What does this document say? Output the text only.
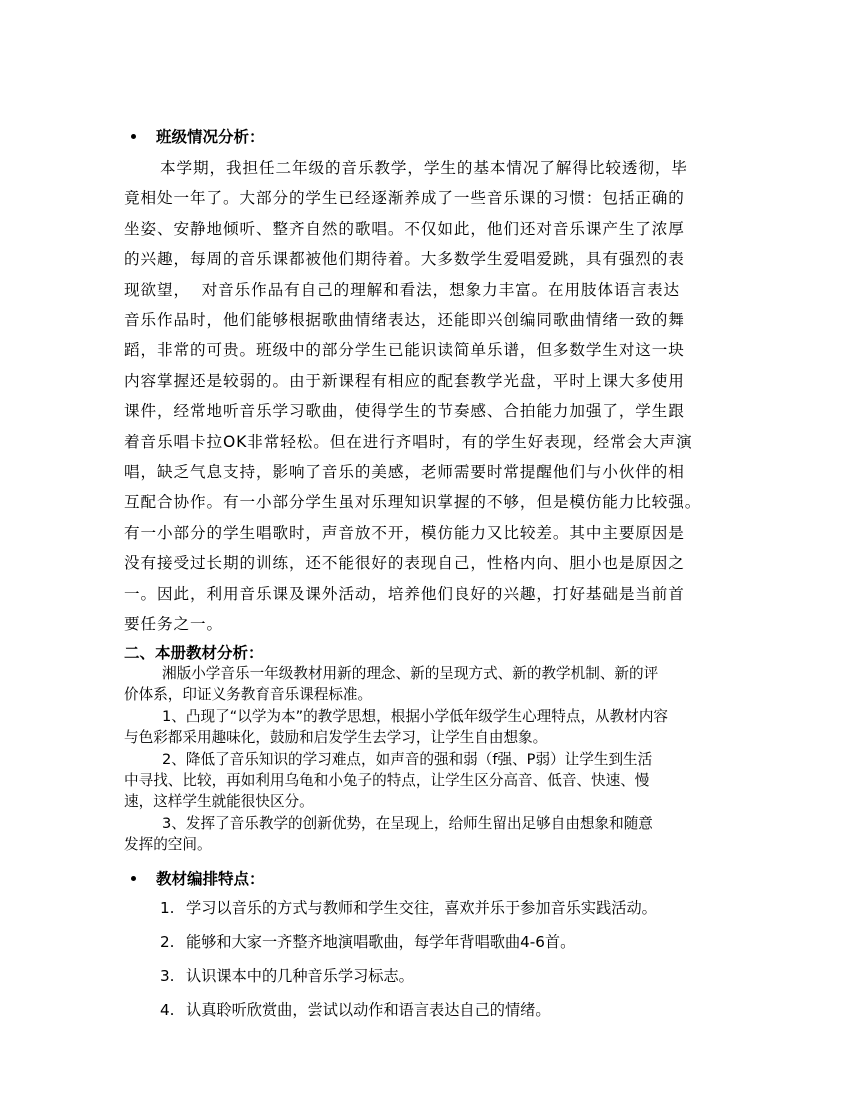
班级情况分析：
本学期，我担任二年级的音乐教学，学生的基本情况了解得比较透彻，毕
竟相处一年了。大部分的学生已经逐渐养成了一些音乐课的习惯：包括正确的
坐姿、安静地倾听、整齐自然的歌唱。不仅如此，他们还对音乐课产生了浓厚
的兴趣，每周的音乐课都被他们期待着。大多数学生爱唱爱跳，具有强烈的表
现欲望，  对音乐作品有自己的理解和看法，想象力丰富。在用肢体语言表达
音乐作品时，他们能够根据歌曲情绪表达，还能即兴创编同歌曲情绪一致的舞
蹈，非常的可贵。班级中的部分学生已能识读简单乐谱，但多数学生对这一块
内容掌握还是较弱的。由于新课程有相应的配套教学光盘，平时上课大多使用
课件，经常地听音乐学习歌曲，使得学生的节奏感、合拍能力加强了，学生跟
着音乐唱卡拉OK非常轻松。但在进行齐唱时，有的学生好表现，经常会大声演
唱，缺乏气息支持，影响了音乐的美感，老师需要时常提醒他们与小伙伴的相
互配合协作。有一小部分学生虽对乐理知识掌握的不够，但是模仿能力比较强。
有一小部分的学生唱歌时，声音放不开，模仿能力又比较差。其中主要原因是
没有接受过长期的训练，还不能很好的表现自己，性格内向、胆小也是原因之
一。因此，利用音乐课及课外活动，培养他们良好的兴趣，打好基础是当前首
要任务之一。
二、本册教材分析：
湘版小学音乐一年级教材用新的理念、新的呈现方式、新的教学机制、新的评
价体系，印证义务教育音乐课程标准。
1、凸现了“以学为本”的教学思想，根据小学低年级学生心理特点，从教材内容
与色彩都采用趣味化，鼓励和启发学生去学习，让学生自由想象。
2、降低了音乐知识的学习难点，如声音的强和弱（f强、P弱）让学生到生活
中寻找、比较，再如利用乌龟和小兔子的特点，让学生区分高音、低音、快速、慢
速，这样学生就能很快区分。
3、发挥了音乐教学的创新优势，在呈现上，给师生留出足够自由想象和随意
发挥的空间。
教材编排特点：
1. 学习以音乐的方式与教师和学生交往，喜欢并乐于参加音乐实践活动。
2. 能够和大家一齐整齐地演唱歌曲，每学年背唱歌曲4-6首。
3. 认识课本中的几种音乐学习标志。
4. 认真聆听欣赏曲，尝试以动作和语言表达自己的情绪。
